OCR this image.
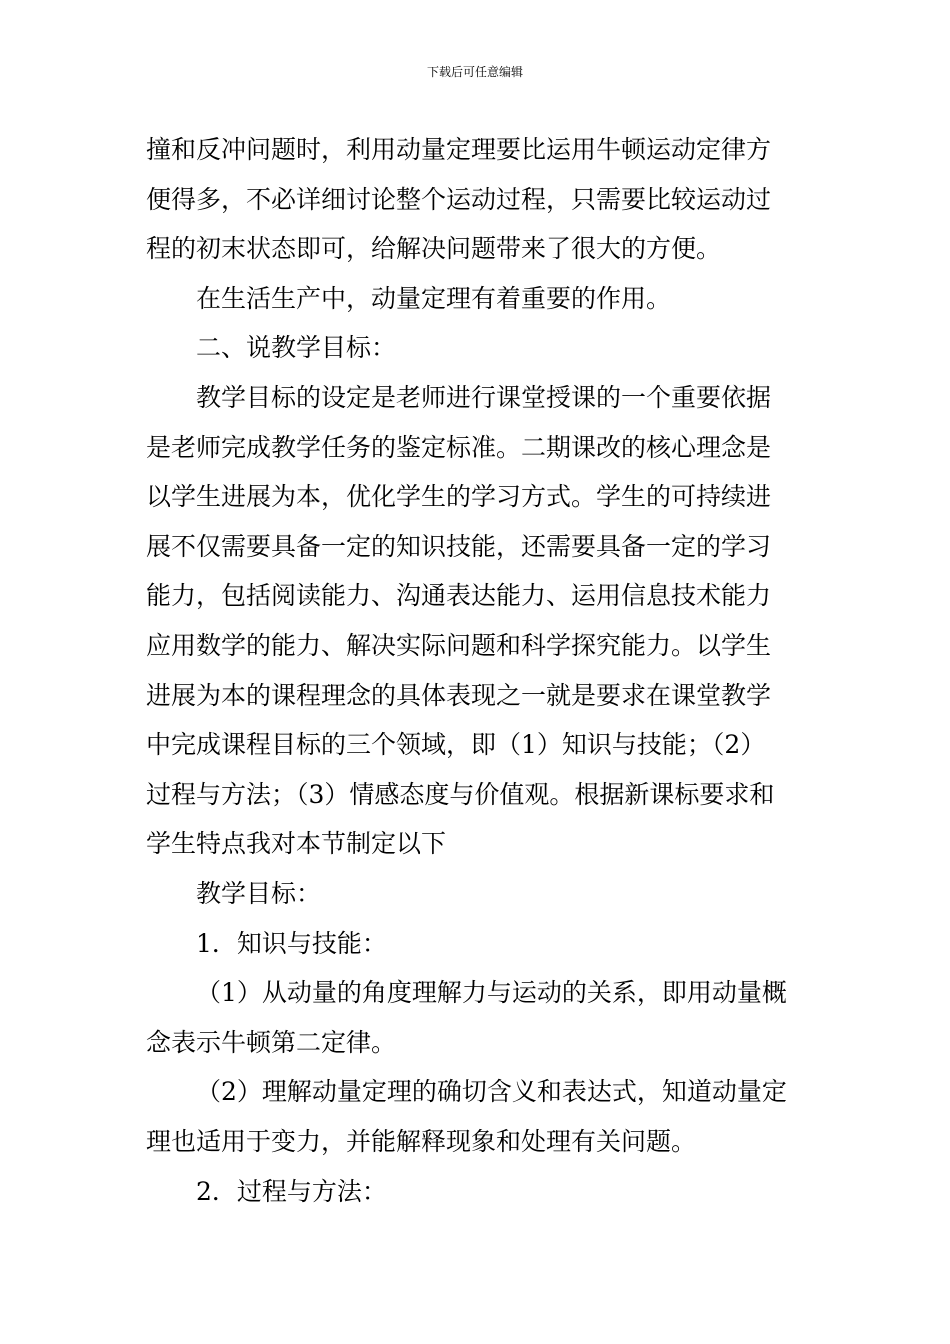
下载后可任意编辑
撞和反冲问题时，利用动量定理要比运用牛顿运动定律方
便得多，不必详细讨论整个运动过程，只需要比较运动过
程的初末状态即可，给解决问题带来了很大的方便。
在生活生产中，动量定理有着重要的作用。
二、说教学目标：
教学目标的设定是老师进行课堂授课的一个重要依据
是老师完成教学任务的鉴定标准。二期课改的核心理念是
以学生进展为本，优化学生的学习方式。学生的可持续进
展不仅需要具备一定的知识技能，还需要具备一定的学习
能力，包括阅读能力、沟通表达能力、运用信息技术能力
应用数学的能力、解决实际问题和科学探究能力。以学生
进展为本的课程理念的具体表现之一就是要求在课堂教学
中完成课程目标的三个领域，即（1）知识与技能；（2）
过程与方法；（3）情感态度与价值观。根据新课标要求和
学生特点我对本节制定以下
教学目标：
1．知识与技能：
（1）从动量的角度理解力与运动的关系，即用动量概
念表示牛顿第二定律。
（2）理解动量定理的确切含义和表达式，知道动量定
理也适用于变力，并能解释现象和处理有关问题。
2．过程与方法：
